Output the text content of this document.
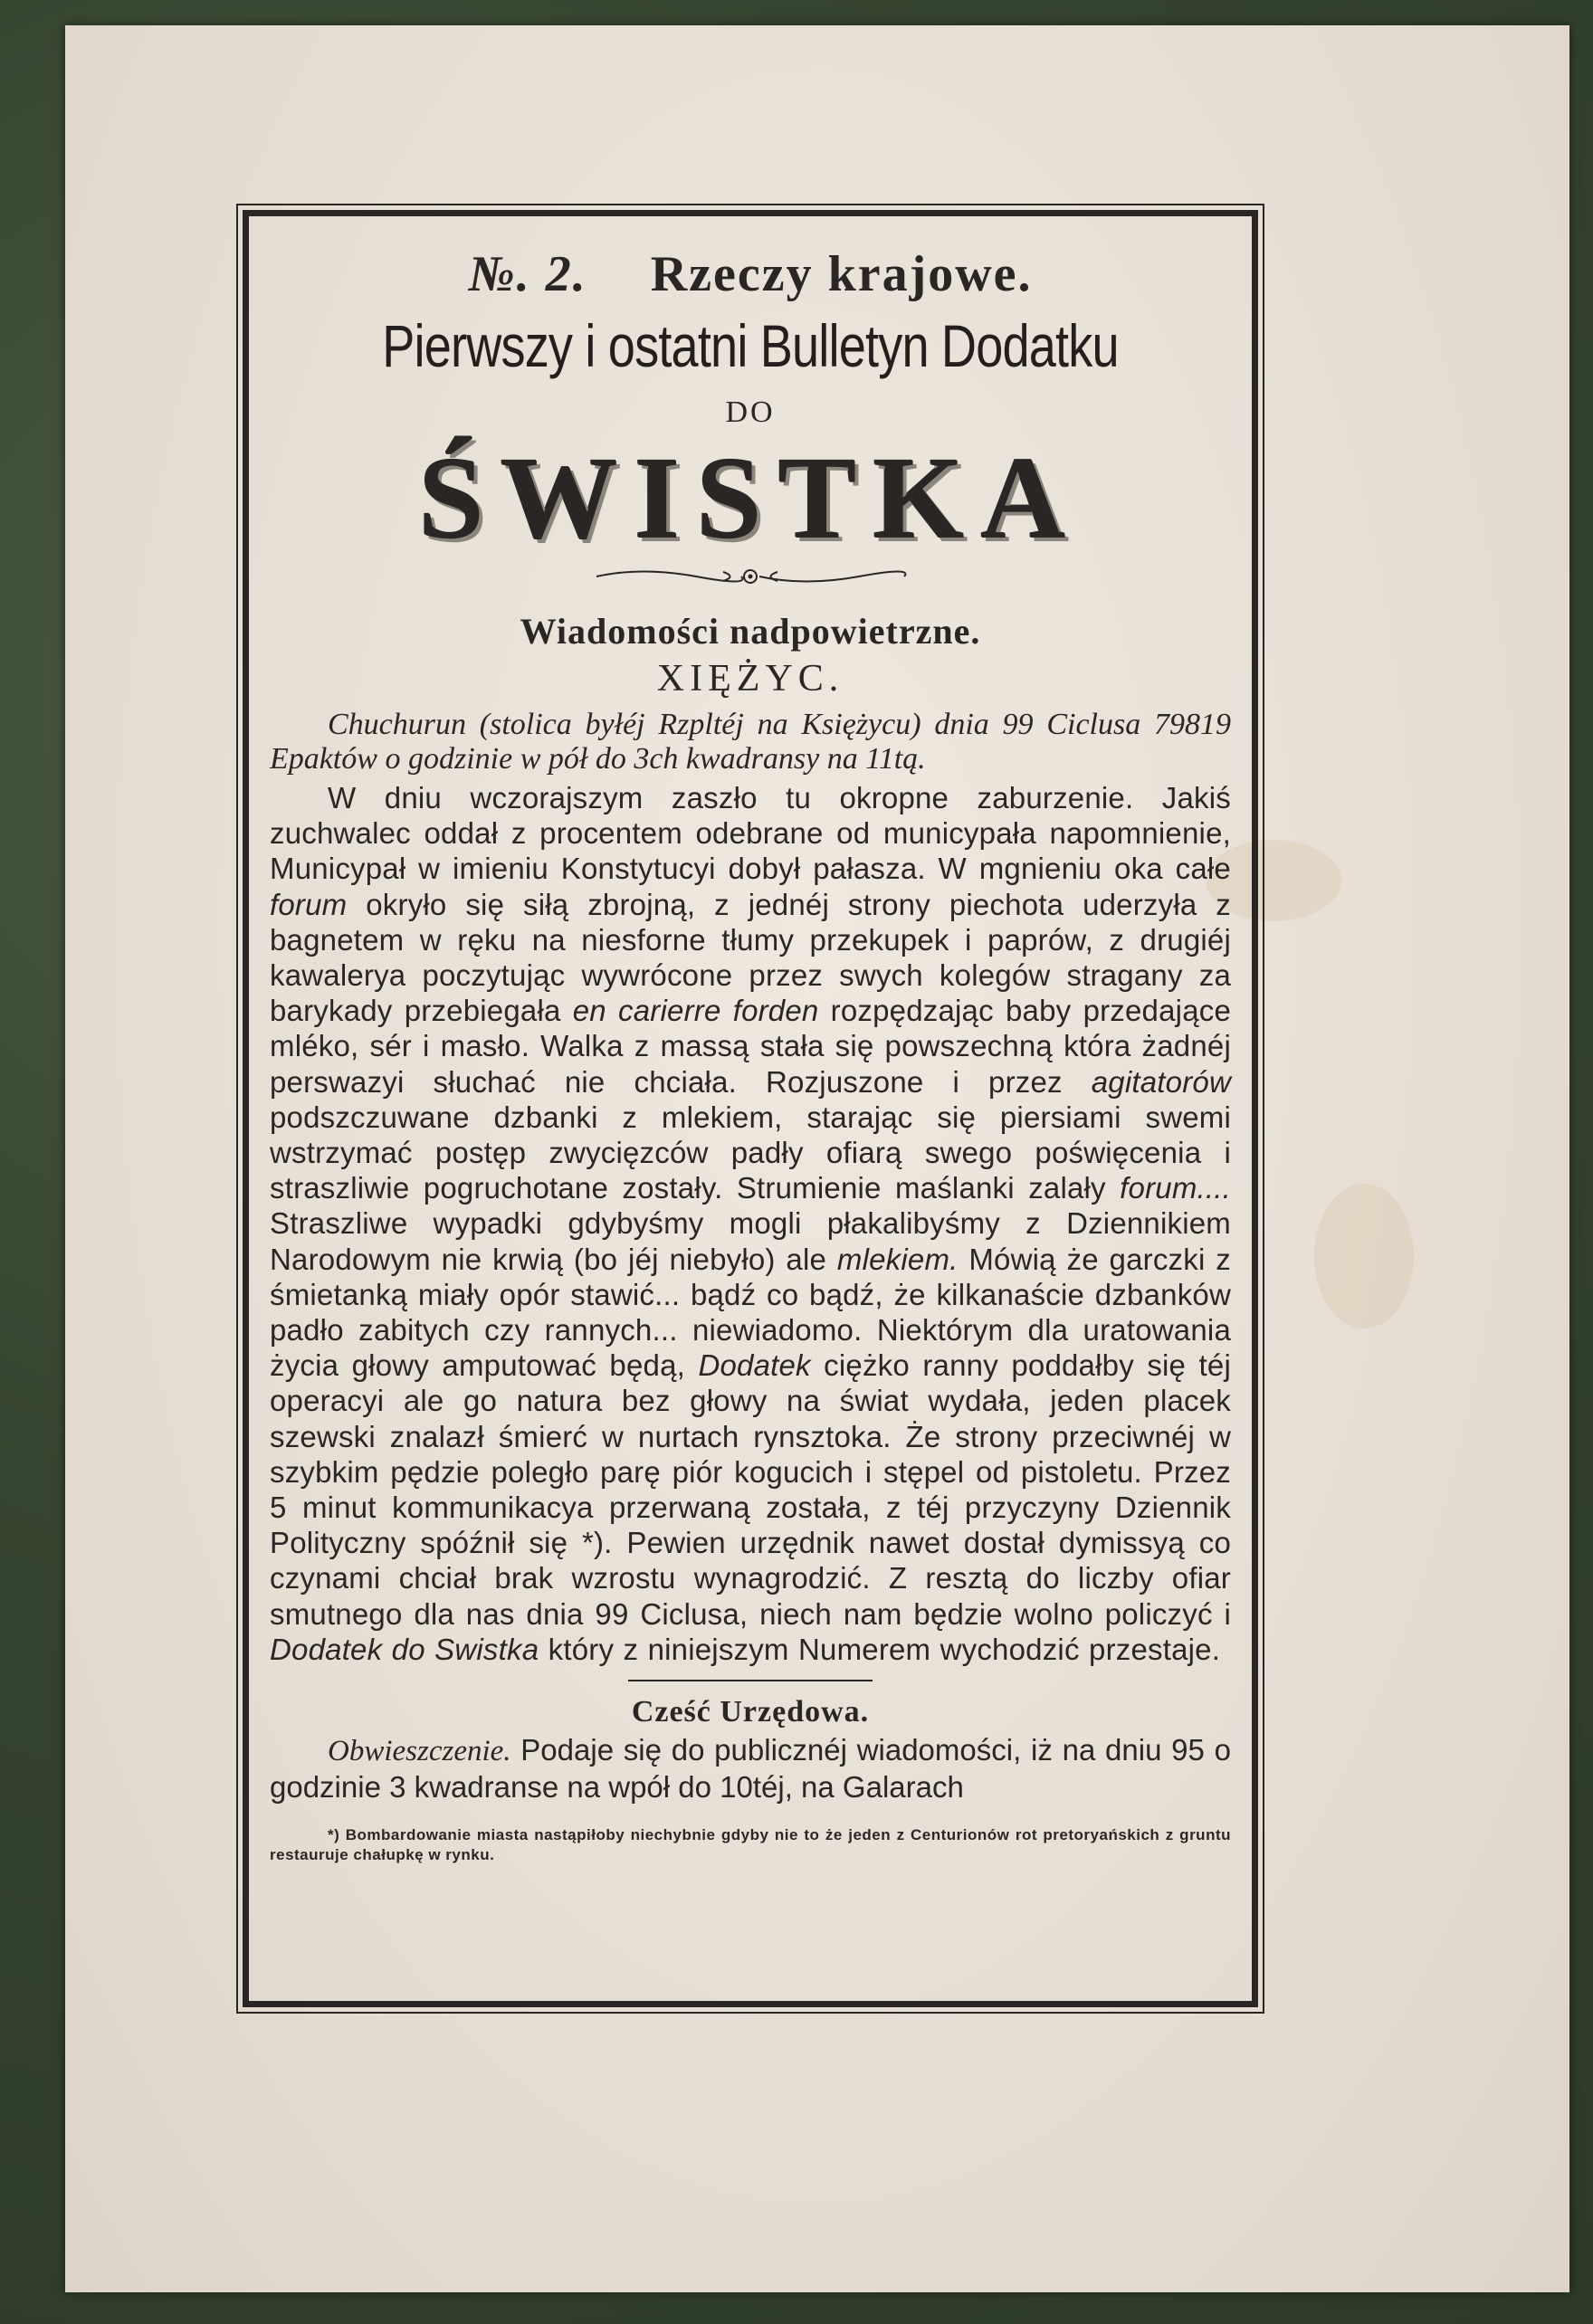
№. 2. Rzeczy krajowe.
Pierwszy i ostatni Bulletyn Dodatku
DO
ŚWISTKA
Wiadomości nadpowietrzne.
XIĘŻYC.
Chuchurun (stolica byłéj Rzpltéj na Księżycu) dnia 99 Ciclusa 79819 Epaktów o godzinie w pół do 3ch kwadransy na 11tą.
W dniu wczorajszym zaszło tu okropne zaburzenie. Jakiś zuchwalec oddał z procentem odebrane od municypała napomnienie, Municypał w imieniu Konstytucyi dobył pałasza. W mgnieniu oka całe forum okryło się siłą zbrojną, z jednéj strony piechota uderzyła z bagnetem w ręku na niesforne tłumy przekupek i paprów, z drugiéj kawalerya poczytując wywrócone przez swych kolegów stragany za barykady przebiegała en carierre forden rozpędzając baby przedające mléko, sér i masło. Walka z massą stała się powszechną która żadnéj perswazyi słuchać nie chciała. Rozjuszone i przez agitatorów podszczuwane dzbanki z mlekiem, starając się piersiami swemi wstrzymać postęp zwycięzców padły ofiarą swego poświęcenia i straszliwie pogruchotane zostały. Strumienie maślanki zalały forum.... Straszliwe wypadki gdybyśmy mogli płakalibyśmy z Dziennikiem Narodowym nie krwią (bo jéj niebyło) ale mlekiem. Mówią że garczki z śmietanką miały opór stawić... bądź co bądź, że kilkanaście dzbanków padło zabitych czy rannych... niewiadomo. Niektórym dla uratowania życia głowy amputować będą, Dodatek ciężko ranny poddałby się téj operacyi ale go natura bez głowy na świat wydała, jeden placek szewski znalazł śmierć w nurtach rynsztoka. Że strony przeciwnéj w szybkim pędzie poległo parę piór kogucich i stępel od pistoletu. Przez 5 minut kommunikacya przerwaną została, z téj przyczyny Dziennik Polityczny spóźnił się *). Pewien urzędnik nawet dostał dymissyą co czynami chciał brak wzrostu wynagrodzić. Z resztą do liczby ofiar smutnego dla nas dnia 99 Ciclusa, niech nam będzie wolno policzyć i Dodatek do Swistka który z niniejszym Numerem wychodzić przestaje.
Cześć Urzędowa.
Obwieszczenie. Podaje się do publicznéj wiadomości, iż na dniu 95 o godzinie 3 kwadranse na wpół do 10téj, na Galarach
*) Bombardowanie miasta nastąpiłoby niechybnie gdyby nie to że jeden z Centurionów rot pretoryańskich z gruntu restauruje chałupkę w rynku.
